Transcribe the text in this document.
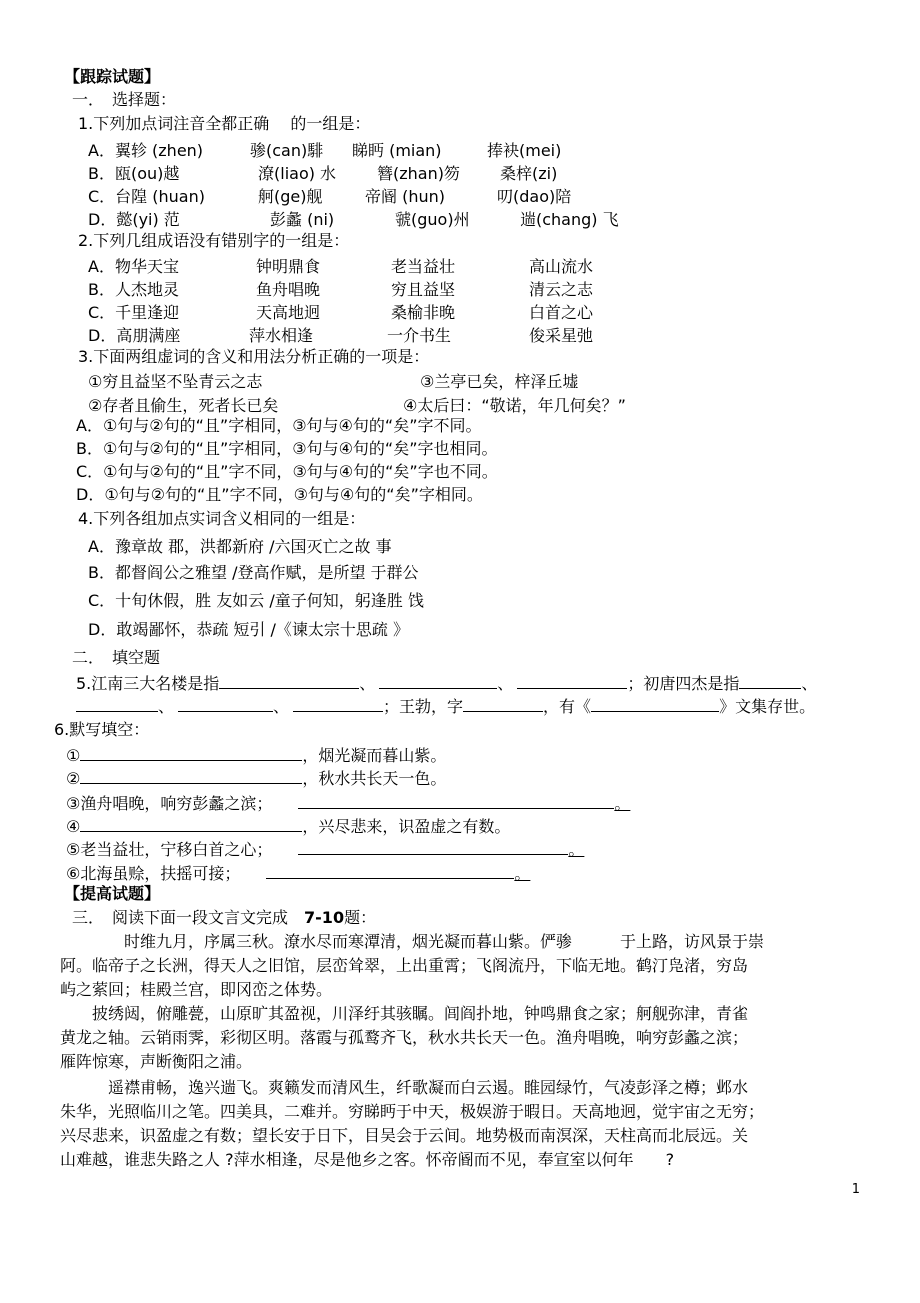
【跟踪试题】
一．　选择题：
1.下列加点词注音全都正确　 的一组是：
A．翼轸 (zhen)	骖(can)騑 睇眄 (mian)	捧袂(mei)
B．瓯(ou)越	潦(liao) 水	簪(zhan)笏	桑梓(zi)
C．台隍 (huan)	舸(ge)舰	帝阍 (hun)	叨(dao)陪
D．懿(yi) 范	彭蠡 (ni)	虢(guo)州	遄(chang) 飞
2.下列几组成语没有错别字的一组是：
A．物华天宝	钟明鼎食	老当益壮	高山流水
B．人杰地灵	鱼舟唱晚	穷且益坚	清云之志
C．千里逢迎	天高地迥	桑榆非晚	白首之心
D．高朋满座	萍水相逢	一介书生	俊采星弛
3.下面两组虚词的含义和用法分析正确的一项是：
①穷且益坚不坠青云之志	③兰亭已矣，梓泽丘墟
②存者且偷生，死者长已矣	④太后曰：“敬诺，年几何矣？”
A．①句与②句的“且”字相同，③句与④句的“矣”字不同。
B．①句与②句的“且”字相同，③句与④句的“矣”字也相同。
C．①句与②句的“且”字不同，③句与④句的“矣”字也不同。
D．①句与②句的“且”字不同，③句与④句的“矣”字相同。
4.下列各组加点实词含义相同的一组是：
A．豫章故 郡，洪都新府 /六国灭亡之故 事
B．都督阎公之雅望 /登高作赋，是所望 于群公
C．十旬休假，胜 友如云 /童子何知，躬逢胜 饯
D．敢竭鄙怀，恭疏 短引 /《谏太宗十思疏 》
二．　填空题
5.江南三大名楼是指	、	、	；初唐四杰是指	、
、	、	；王勃，字	，有《	》文集存世。
6.默写填空：
①	，烟光凝而暮山紫。
②	，秋水共长天一色。
③渔舟唱晚，响穷彭蠡之滨；	。
④	，兴尽悲来，识盈虚之有数。
⑤老当益壮，宁移白首之心；	。
⑥北海虽赊，扶摇可接；	。
【提高试题】
三．　阅读下面一段文言文完成　 7-10题：
　　　　时维九月，序属三秋。潦水尽而寒潭清，烟光凝而暮山紫。俨骖　　　于上路，访风景于崇
阿。临帝子之长洲，得天人之旧馆，层峦耸翠，上出重霄；飞阁流丹，下临无地。鹤汀凫渚，穷岛
屿之萦回；桂殿兰宫，即冈峦之体势。
　　披绣闼，俯雕甍，山原旷其盈视，川泽纡其骇瞩。闾阎扑地，钟鸣鼎食之家；舸舰弥津，青雀
黄龙之轴。云销雨霁，彩彻区明。落霞与孤鹜齐飞，秋水共长天一色。渔舟唱晚，响穷彭蠡之滨；
雁阵惊寒，声断衡阳之浦。
　　　遥襟甫畅，逸兴遄飞。爽籁发而清风生，纤歌凝而白云遏。睢园绿竹，气凌彭泽之樽；邺水
朱华，光照临川之笔。四美具，二难并。穷睇眄于中天，极娱游于暇日。天高地迥，觉宇宙之无穷；
兴尽悲来，识盈虚之有数；望长安于日下，目吴会于云间。地势极而南溟深，天柱高而北辰远。关
山难越，谁悲失路之人 ?萍水相逢，尽是他乡之客。怀帝阍而不见，奉宣室以何年　　?
1
